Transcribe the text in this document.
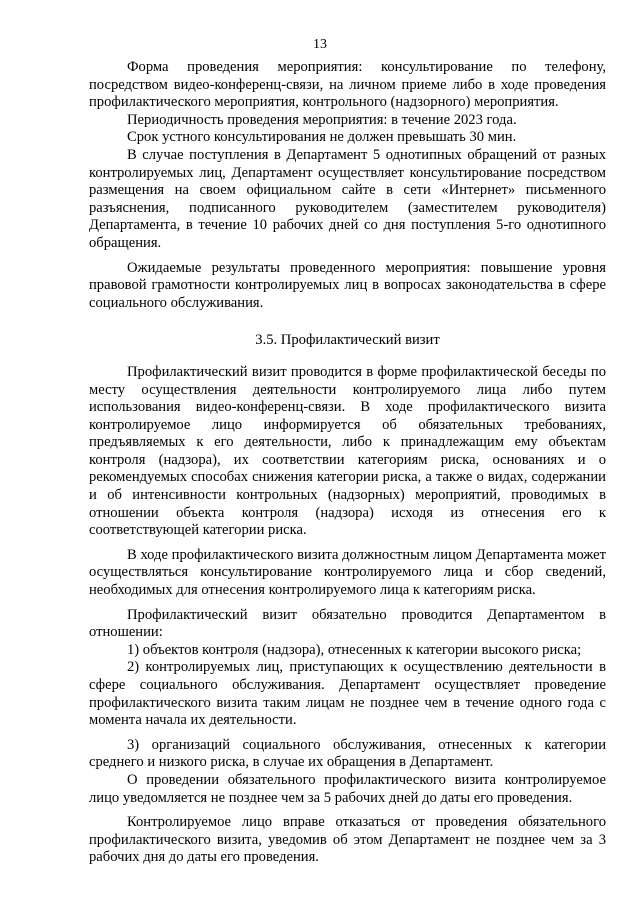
13

Форма проведения мероприятия: консультирование по телефону, посредством видео-конференц-связи, на личном приеме либо в ходе проведения профилактического мероприятия, контрольного (надзорного) мероприятия.

Периодичность проведения мероприятия: в течение 2023 года.

Срок устного консультирования не должен превышать 30 мин.

В случае поступления в Департамент 5 однотипных обращений от разных контролируемых лиц, Департамент осуществляет консультирование посредством размещения на своем официальном сайте в сети «Интернет» письменного разъяснения, подписанного руководителем (заместителем руководителя) Департамента, в течение 10 рабочих дней со дня поступления 5-го однотипного обращения.

Ожидаемые результаты проведенного мероприятия: повышение уровня правовой грамотности контролируемых лиц в вопросах законодательства в сфере социального обслуживания.

3.5. Профилактический визит

Профилактический визит проводится в форме профилактической беседы по месту осуществления деятельности контролируемого лица либо путем использования видео-конференц-связи. В ходе профилактического визита контролируемое лицо информируется об обязательных требованиях, предъявляемых к его деятельности, либо к принадлежащим ему объектам контроля (надзора), их соответствии категориям риска, основаниях и о рекомендуемых способах снижения категории риска, а также о видах, содержании и об интенсивности контрольных (надзорных) мероприятий, проводимых в отношении объекта контроля (надзора) исходя из отнесения его к соответствующей категории риска.

В ходе профилактического визита должностным лицом Департамента может осуществляться консультирование контролируемого лица и сбор сведений, необходимых для отнесения контролируемого лица к категориям риска.

Профилактический визит обязательно проводится Департаментом в отношении:

1) объектов контроля (надзора), отнесенных к категории высокого риска;

2) контролируемых лиц, приступающих к осуществлению деятельности в сфере социального обслуживания. Департамент осуществляет проведение профилактического визита таким лицам не позднее чем в течение одного года с момента начала их деятельности.

3) организаций социального обслуживания, отнесенных к категории среднего и низкого риска, в случае их обращения в Департамент.

О проведении обязательного профилактического визита контролируемое лицо уведомляется не позднее чем за 5 рабочих дней до даты его проведения.

Контролируемое лицо вправе отказаться от проведения обязательного профилактического визита, уведомив об этом Департамент не позднее чем за 3 рабочих дня до даты его проведения.
